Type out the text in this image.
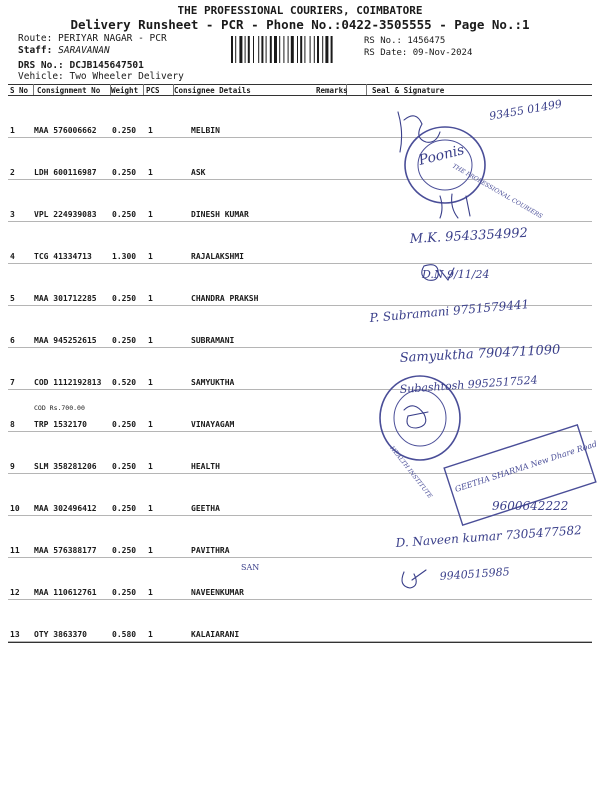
THE PROFESSIONAL COURIERS, COIMBATORE
Delivery Runsheet - PCR - Phone No.:0422-3505555 - Page No.:1
Route: PERIYAR NAGAR - PCR
Staff: SARAVANAN
DRS No.: DCJB145647501
Vehicle: Two Wheeler Delivery
RS No.: 1456475
RS Date: 09-Nov-2024
S No Consignment No Weight PCS Consignee Details	Remarks	Seal & Signature
1 MAA 576006662 0.250 1	MELBIN
2 LDH 600116987 0.250 1	ASK
3 VPL 224939083 0.250 1	DINESH KUMAR
4 TCG 41334713	1.300 1	RAJALAKSHMI
5 MAA 301712285 0.250 1	CHANDRA PRAKSH
6 MAA 945252615 0.250 1	SUBRAMANI
7 COD 1112192813 0.520 1	SAMYUKTHA
COD Rs.700.00
8 TRP 1532170	0.250 1	VINAYAGAM
9 SLM 358281206 0.250 1	HEALTH
10 MAA 302496412 0.250 1	GEETHA
11 MAA 576388177 0.250 1	PAVITHRA
12 MAA 110612761 0.250 1	NAVEENKUMAR
13 OTY 3863370	0.580 1	KALAIARANI
93455 01499
THE PROFESSIONAL COURIERS
Poonis
M.K. 9543354992
D.N 9/11/24
P. Subramani 9751579441
Samyuktha 7904711090
Subashtosh 9952517524
HEALTH INSTITUTE	GEETHA SHARMA New Dhare Road
9600642222
D. Naveen kumar 7305477582
SAN	9940515985
